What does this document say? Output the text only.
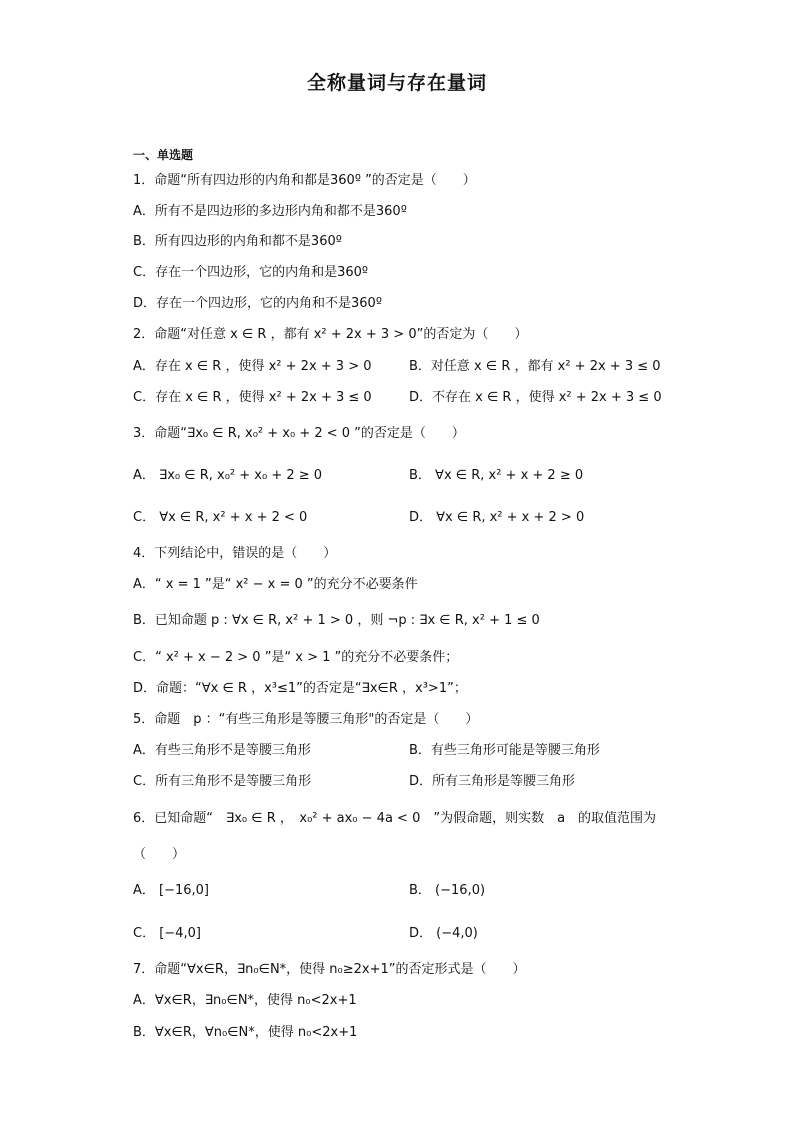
全称量词与存在量词
一、单选题
1．命题“所有四边形的内角和都是360º ”的否定是（　　）
A．所有不是四边形的多边形内角和都不是360º
B．所有四边形的内角和都不是360º
C．存在一个四边形，它的内角和是360º
D．存在一个四边形，它的内角和不是360º
2．命题“对任意 x ∈ R ，都有 x² + 2x + 3 > 0”的否定为（　　）
A．存在 x ∈ R ，使得 x² + 2x + 3 > 0	B．对任意 x ∈ R ，都有 x² + 2x + 3 ≤ 0
C．存在 x ∈ R ，使得 x² + 2x + 3 ≤ 0	D．不存在 x ∈ R ，使得 x² + 2x + 3 ≤ 0
3．命题“∃x₀ ∈ R, x₀² + x₀ + 2 < 0 ”的否定是（　　）
A． ∃x₀ ∈ R, x₀² + x₀ + 2 ≥ 0	B． ∀x ∈ R, x² + x + 2 ≥ 0
C． ∀x ∈ R, x² + x + 2 < 0	D． ∀x ∈ R, x² + x + 2 > 0
4．下列结论中，错误的是（　　）
A．“ x = 1 ”是“ x² − x = 0 ”的充分不必要条件
B．已知命题 p : ∀x ∈ R, x² + 1 > 0 ，则 ¬p : ∃x ∈ R, x² + 1 ≤ 0
C．“ x² + x − 2 > 0 ”是“ x > 1 ”的充分不必要条件；
D．命题：“∀x ∈ R ，x³≤1”的否定是“∃x∈R ，x³>1”；
5．命题　p ：“有些三角形是等腰三角形"的否定是（　　）
A．有些三角形不是等腰三角形	B．有些三角形可能是等腰三角形
C．所有三角形不是等腰三角形	D．所有三角形是等腰三角形
6．已知命题“　∃x₀ ∈ R ，　x₀² + ax₀ − 4a < 0　”为假命题，则实数　a　的取值范围为
（　　）
A． [−16,0]	B． (−16,0)
C． [−4,0]	D． (−4,0)
7．命题“∀x∈R，∃n₀∈N*，使得 n₀≥2x+1”的否定形式是（　　）
A．∀x∈R，∃n₀∈N*，使得 n₀<2x+1
B．∀x∈R，∀n₀∈N*，使得 n₀<2x+1
